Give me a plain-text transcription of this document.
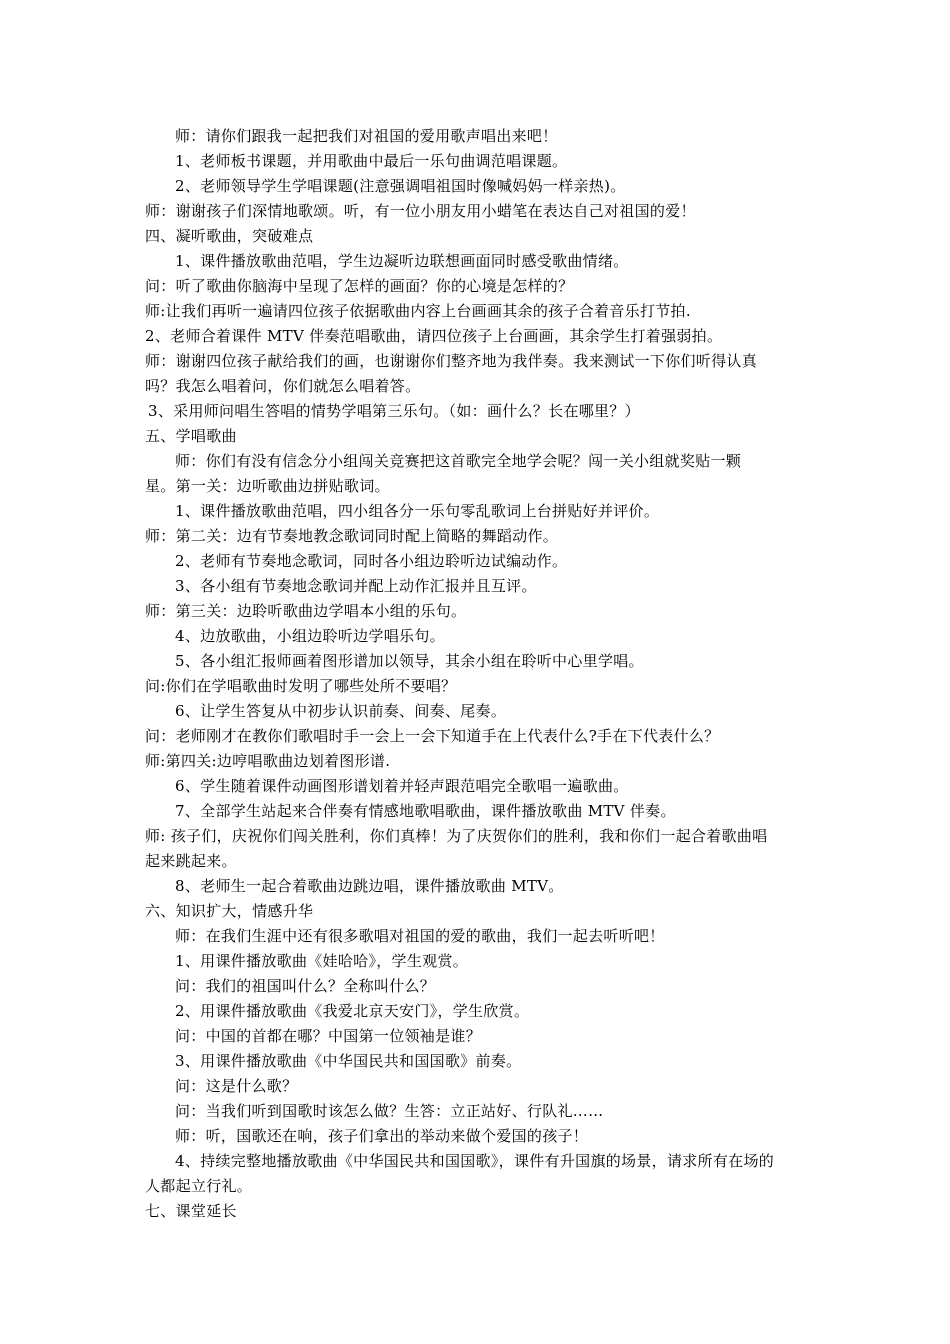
师：请你们跟我一起把我们对祖国的爱用歌声唱出来吧！
1、老师板书课题，并用歌曲中最后一乐句曲调范唱课题。
2、老师领导学生学唱课题(注意强调唱祖国时像喊妈妈一样亲热)。
师：谢谢孩子们深情地歌颂。听，有一位小朋友用小蜡笔在表达自己对祖国的爱！
四、凝听歌曲，突破难点
1、课件播放歌曲范唱，学生边凝听边联想画面同时感受歌曲情绪。
问：听了歌曲你脑海中呈现了怎样的画面？你的心境是怎样的？
师:让我们再听一遍请四位孩子依据歌曲内容上台画画其余的孩子合着音乐打节拍.
2、老师合着课件 MTV 伴奏范唱歌曲，请四位孩子上台画画，其余学生打着强弱拍。
师：谢谢四位孩子献给我们的画，也谢谢你们整齐地为我伴奏。我来测试一下你们听得认真
吗？我怎么唱着问，你们就怎么唱着答。
3、采用师问唱生答唱的情势学唱第三乐句。（如：画什么？长在哪里？）
五、学唱歌曲
师：你们有没有信念分小组闯关竞赛把这首歌完全地学会呢？闯一关小组就奖贴一颗
星。第一关：边听歌曲边拼贴歌词。
1、课件播放歌曲范唱，四小组各分一乐句零乱歌词上台拼贴好并评价。
师：第二关：边有节奏地教念歌词同时配上简略的舞蹈动作。
2、老师有节奏地念歌词，同时各小组边聆听边试编动作。
3、各小组有节奏地念歌词并配上动作汇报并且互评。
师：第三关：边聆听歌曲边学唱本小组的乐句。
4、边放歌曲，小组边聆听边学唱乐句。
5、各小组汇报师画着图形谱加以领导，其余小组在聆听中心里学唱。
问:你们在学唱歌曲时发明了哪些处所不要唱？
6、让学生答复从中初步认识前奏、间奏、尾奏。
问：老师刚才在教你们歌唱时手一会上一会下知道手在上代表什么?手在下代表什么？
师:第四关:边哼唱歌曲边划着图形谱.
6、学生随着课件动画图形谱划着并轻声跟范唱完全歌唱一遍歌曲。
7、全部学生站起来合伴奏有情感地歌唱歌曲，课件播放歌曲 MTV 伴奏。
师: 孩子们，庆祝你们闯关胜利，你们真棒！为了庆贺你们的胜利，我和你们一起合着歌曲唱
起来跳起来。
8、老师生一起合着歌曲边跳边唱，课件播放歌曲 MTV。
六、知识扩大，情感升华
师：在我们生涯中还有很多歌唱对祖国的爱的歌曲，我们一起去听听吧！
1、用课件播放歌曲《娃哈哈》，学生观赏。
问：我们的祖国叫什么？全称叫什么？
2、用课件播放歌曲《我爱北京天安门》，学生欣赏。
问：中国的首都在哪？中国第一位领袖是谁？
3、用课件播放歌曲《中华国民共和国国歌》前奏。
问：这是什么歌？
问：当我们听到国歌时该怎么做？生答：立正站好、行队礼……
师：听，国歌还在响，孩子们拿出的举动来做个爱国的孩子！
4、持续完整地播放歌曲《中华国民共和国国歌》，课件有升国旗的场景，请求所有在场的
人都起立行礼。
七、课堂延长
